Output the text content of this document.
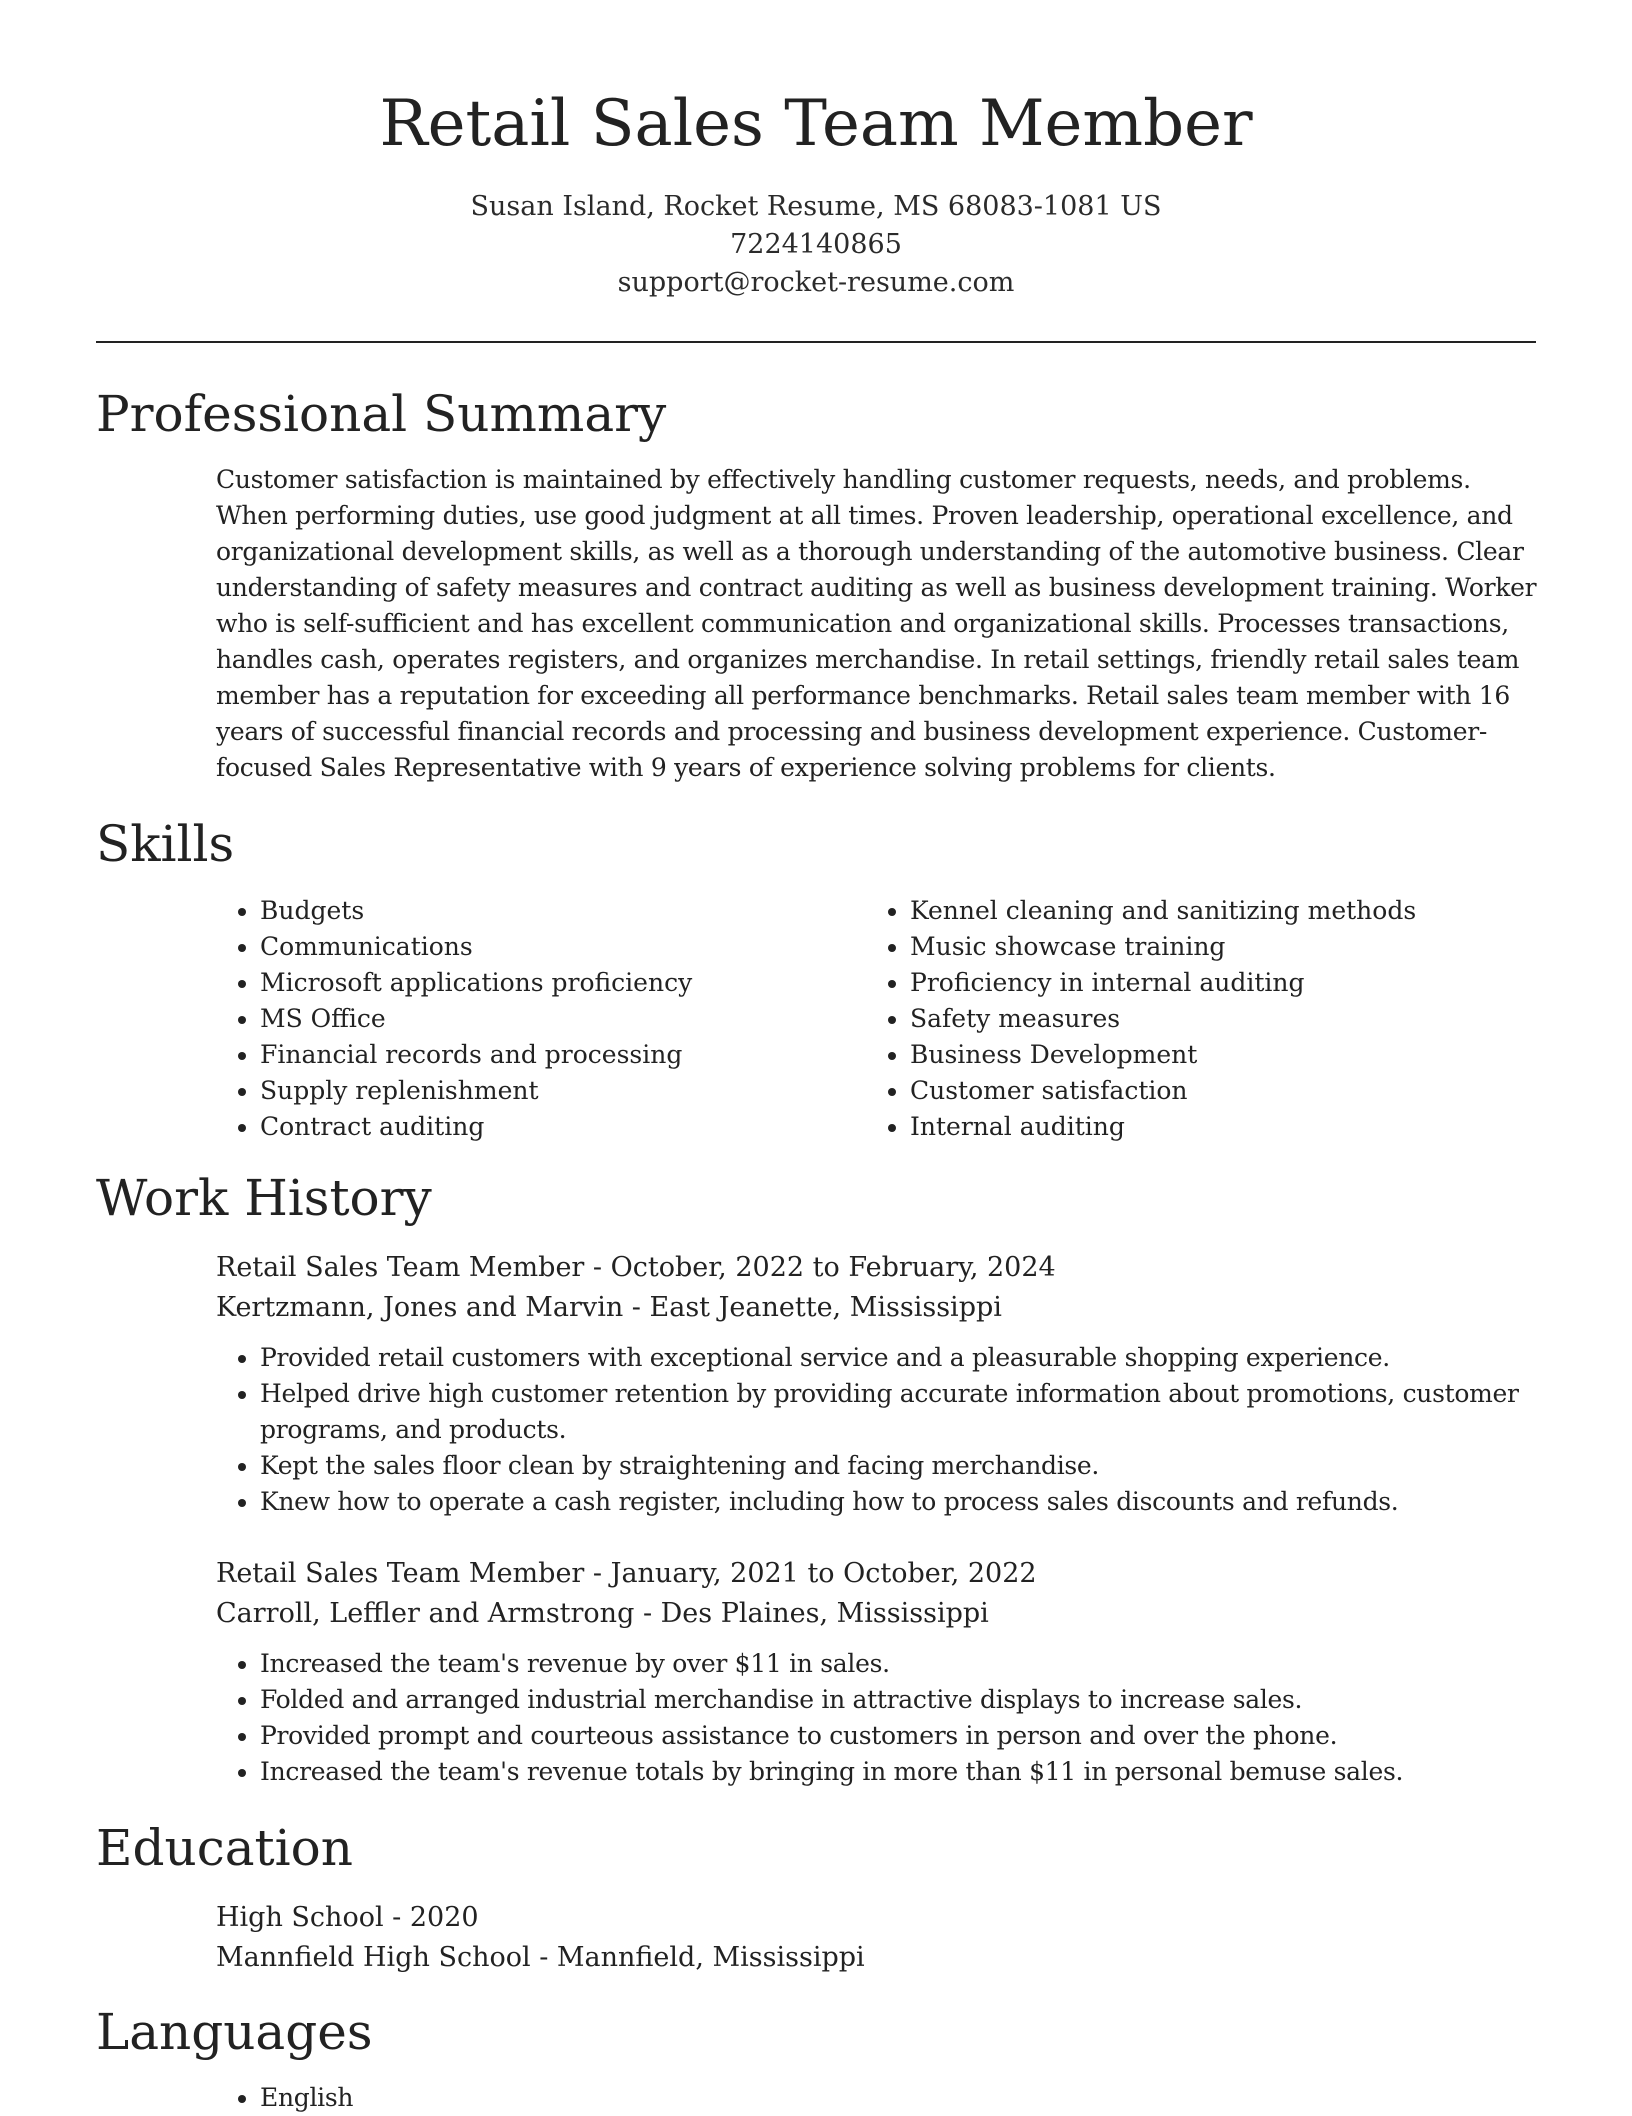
Retail Sales Team Member
Susan Island, Rocket Resume, MS 68083-1081 US
7224140865
support@rocket-resume.com
Professional Summary

Customer satisfaction is maintained by effectively handling customer requests, needs, and problems. When performing duties, use good judgment at all times. Proven leadership, operational excellence, and organizational development skills, as well as a thorough understanding of the automotive business. Clear understanding of safety measures and contract auditing as well as business development training. Worker who is self-sufficient and has excellent communication and organizational skills. Processes transactions, handles cash, operates registers, and organizes merchandise. In retail settings, friendly retail sales team member has a reputation for exceeding all performance benchmarks. Retail sales team member with 16 years of successful financial records and processing and business development experience. Customer-focused Sales Representative with 9 years of experience solving problems for clients.

Skills
• Budgets
• Communications
• Microsoft applications proficiency
• MS Office
• Financial records and processing
• Supply replenishment
• Contract auditing
• Kennel cleaning and sanitizing methods
• Music showcase training
• Proficiency in internal auditing
• Safety measures
• Business Development
• Customer satisfaction
• Internal auditing
Work History
Retail Sales Team Member - October, 2022 to February, 2024
Kertzmann, Jones and Marvin - East Jeanette, Mississippi
• Provided retail customers with exceptional service and a pleasurable shopping experience.
• Helped drive high customer retention by providing accurate information about promotions, customer programs, and products.
• Kept the sales floor clean by straightening and facing merchandise.
• Knew how to operate a cash register, including how to process sales discounts and refunds.
Retail Sales Team Member - January, 2021 to October, 2022
Carroll, Leffler and Armstrong - Des Plaines, Mississippi
• Increased the team's revenue by over $11 in sales.
• Folded and arranged industrial merchandise in attractive displays to increase sales.
• Provided prompt and courteous assistance to customers in person and over the phone.
• Increased the team's revenue totals by bringing in more than $11 in personal bemuse sales.
Education
High School - 2020
Mannfield High School - Mannfield, Mississippi
Languages
• English
